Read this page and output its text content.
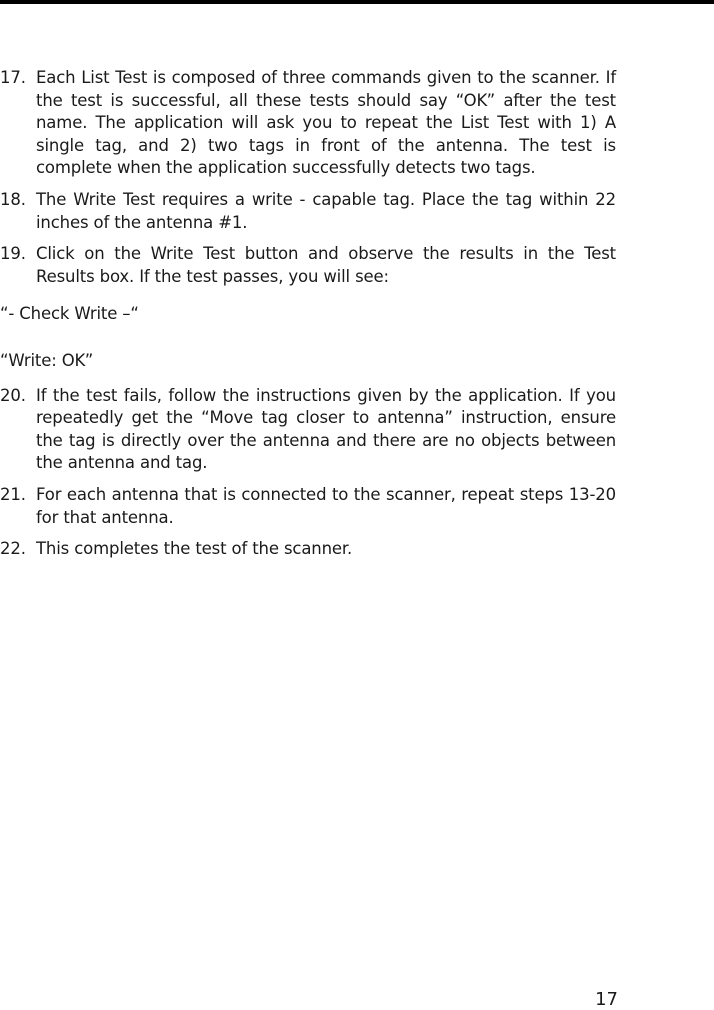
17. Each List Test is composed of three commands given to the scanner. If the test is successful, all these tests should say “OK” after the test name. The application will ask you to repeat the List Test with 1) A single tag, and 2) two tags in front of the antenna. The test is complete when the application successfully detects two tags.
18. The Write Test requires a write - capable tag. Place the tag within 22 inches of the antenna #1.
19. Click on the Write Test button and observe the results in the Test Results box. If the test passes, you will see:

“- Check Write –“

“Write: OK”

20. If the test fails, follow the instructions given by the application. If you repeatedly get the “Move tag closer to antenna” instruction, ensure the tag is directly over the antenna and there are no objects between the antenna and tag.
21. For each antenna that is connected to the scanner, repeat steps 13-20 for that antenna.
22. This completes the test of the scanner.
17
